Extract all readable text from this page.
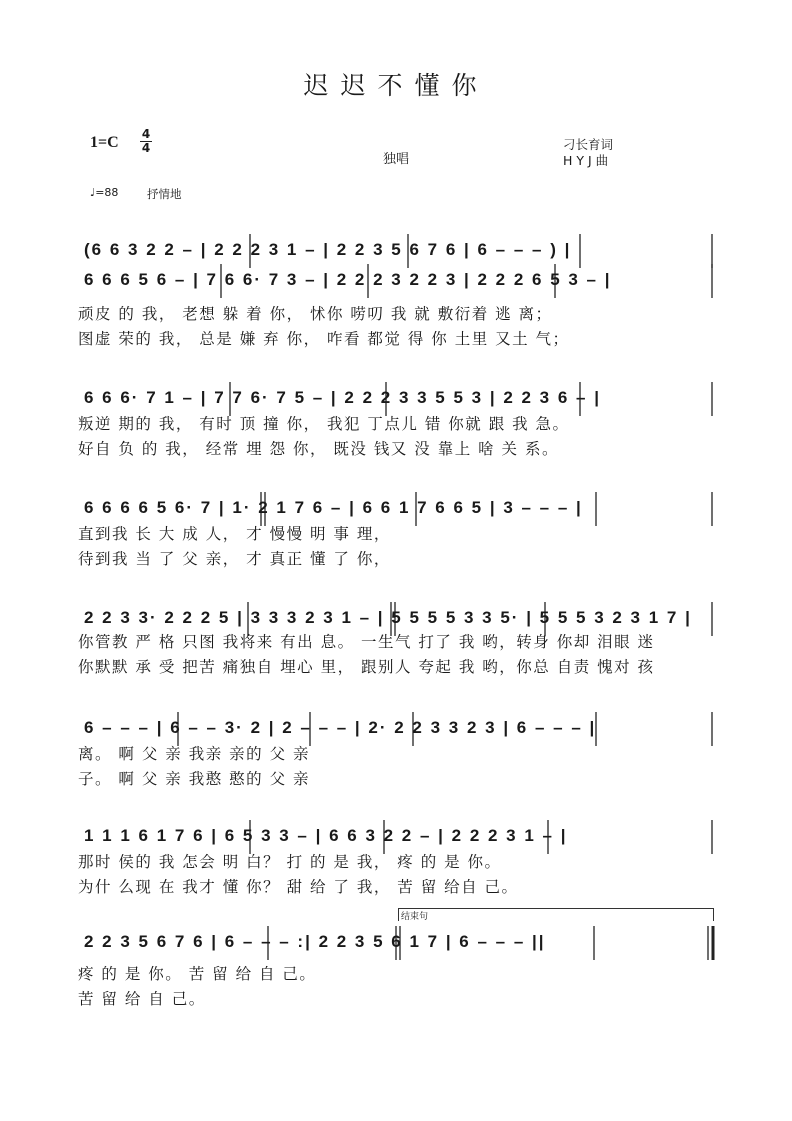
迟迟不懂你
1=C 4
4
独唱
刁长育词
H Y J 曲
♩=88 抒情地
(6 6 3 2 2 – | 2 2 2 3 1 – | 2 2 3 5 6 7 6 | 6 – – – ) |
6 6 6 5 6 – | 7 6 6· 7 3 – | 2 2 2 3 2 2 3 | 2 2 2 6 5 3 – |
顽皮 的 我， 老想 躲 着 你， 怵你 唠叨 我 就 敷衍着 逃 离；
图虚 荣的 我， 总是 嫌 弃 你， 咋看 都觉 得 你 土里 又土 气；
6 6 6· 7 1 – | 7 7 6· 7 5 – | 2 2 2 3 3 5 5 3 | 2 2 3 6 – |
叛逆 期的 我， 有时 顶 撞 你， 我犯 丁点儿 错 你就 跟 我 急。
好自 负 的 我， 经常 埋 怨 你， 既没 钱又 没 靠上 啥 关 系。
6 6 6 6 5 6· 7 | 1· 2 1 7 6 – | 6 6 1 7 6 6 5 | 3 – – – |
直到我 长 大 成 人， 才 慢慢 明 事 理，
待到我 当 了 父 亲， 才 真正 懂 了 你，
2 2 3 3· 2 2 2 5 | 3 3 3 2 3 1 – | 5 5 5 5 3 3 5· | 5 5 5 3 2 3 1 7 |
你管教 严 格 只图 我将来 有出 息。 一生气 打了 我 哟，转身 你却 泪眼 迷
你默默 承 受 把苦 痛独自 埋心 里， 跟别人 夸起 我 哟，你总 自责 愧对 孩
6 – – – | 6 – – 3· 2 | 2 – – – | 2· 2 2 3 3 2 3 | 6 – – – |
离。 啊 父 亲 我亲 亲的 父 亲
子。 啊 父 亲 我憨 憨的 父 亲
1 1 1 6 1 7 6 | 6 5 3 3 – | 6 6 3 2 2 – | 2 2 2 3 1 – |
那时 侯的 我 怎会 明 白？ 打 的 是 我， 疼 的 是 你。
为什 么现 在 我才 懂 你？ 甜 给 了 我， 苦 留 给自 己。
结束句
2 2 3 5 6 7 6 | 6 – – – :| 2 2 3 5 6 1 7 | 6 – – – ||
疼 的 是 你。 苦 留 给 自 己。
苦 留 给 自 己。
